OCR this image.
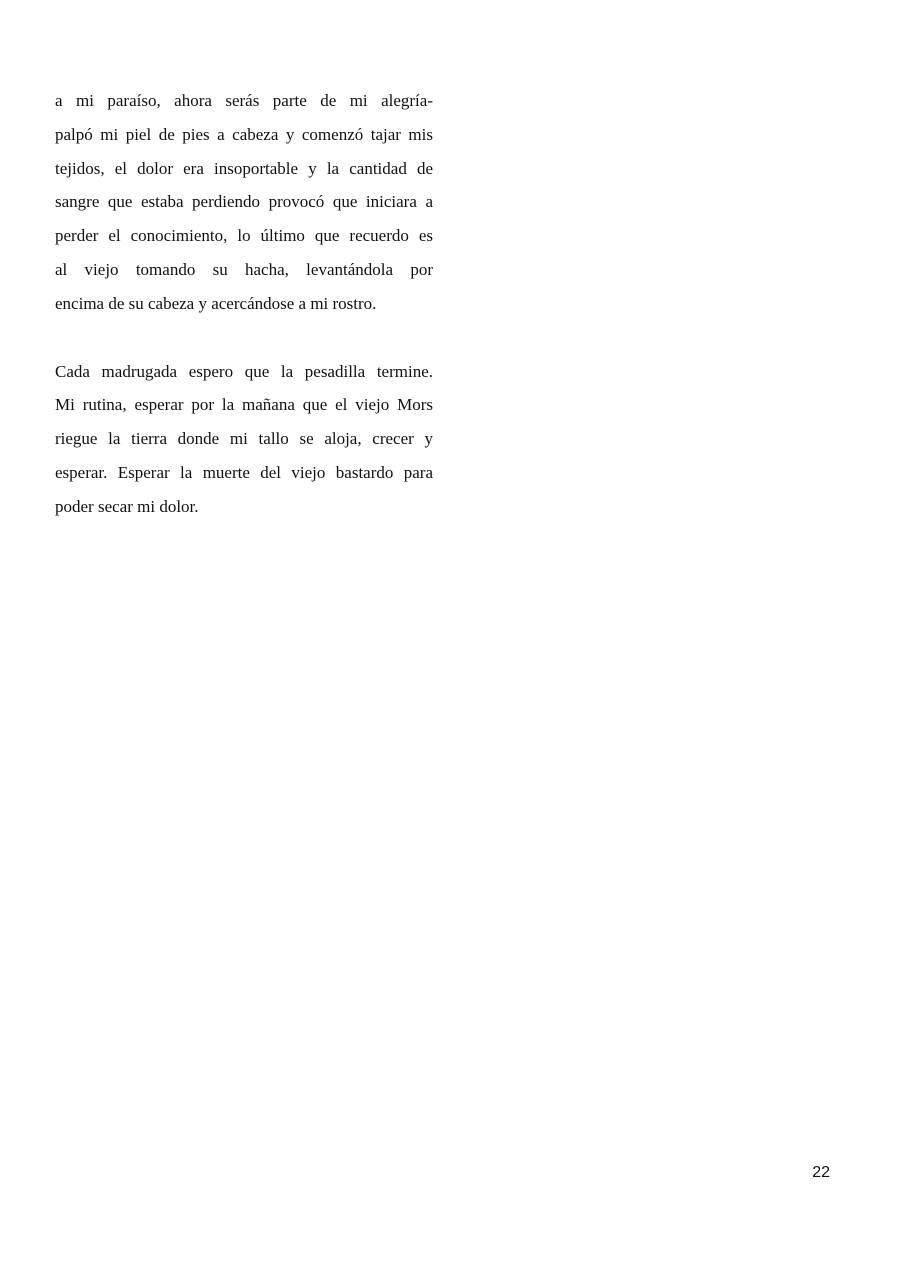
a mi paraíso, ahora serás parte de mi alegría-
palpó mi piel de pies a cabeza y comenzó tajar mis
tejidos, el dolor era insoportable y la cantidad de
sangre que estaba perdiendo provocó que iniciara a
perder el conocimiento, lo último que recuerdo es
al viejo tomando su hacha, levantándola por
encima de su cabeza y acercándose a mi rostro.
Cada madrugada espero que la pesadilla termine.
Mi rutina, esperar por la mañana que el viejo Mors
riegue la tierra donde mi tallo se aloja, crecer y
esperar. Esperar la muerte del viejo bastardo para
poder secar mi dolor.
22
